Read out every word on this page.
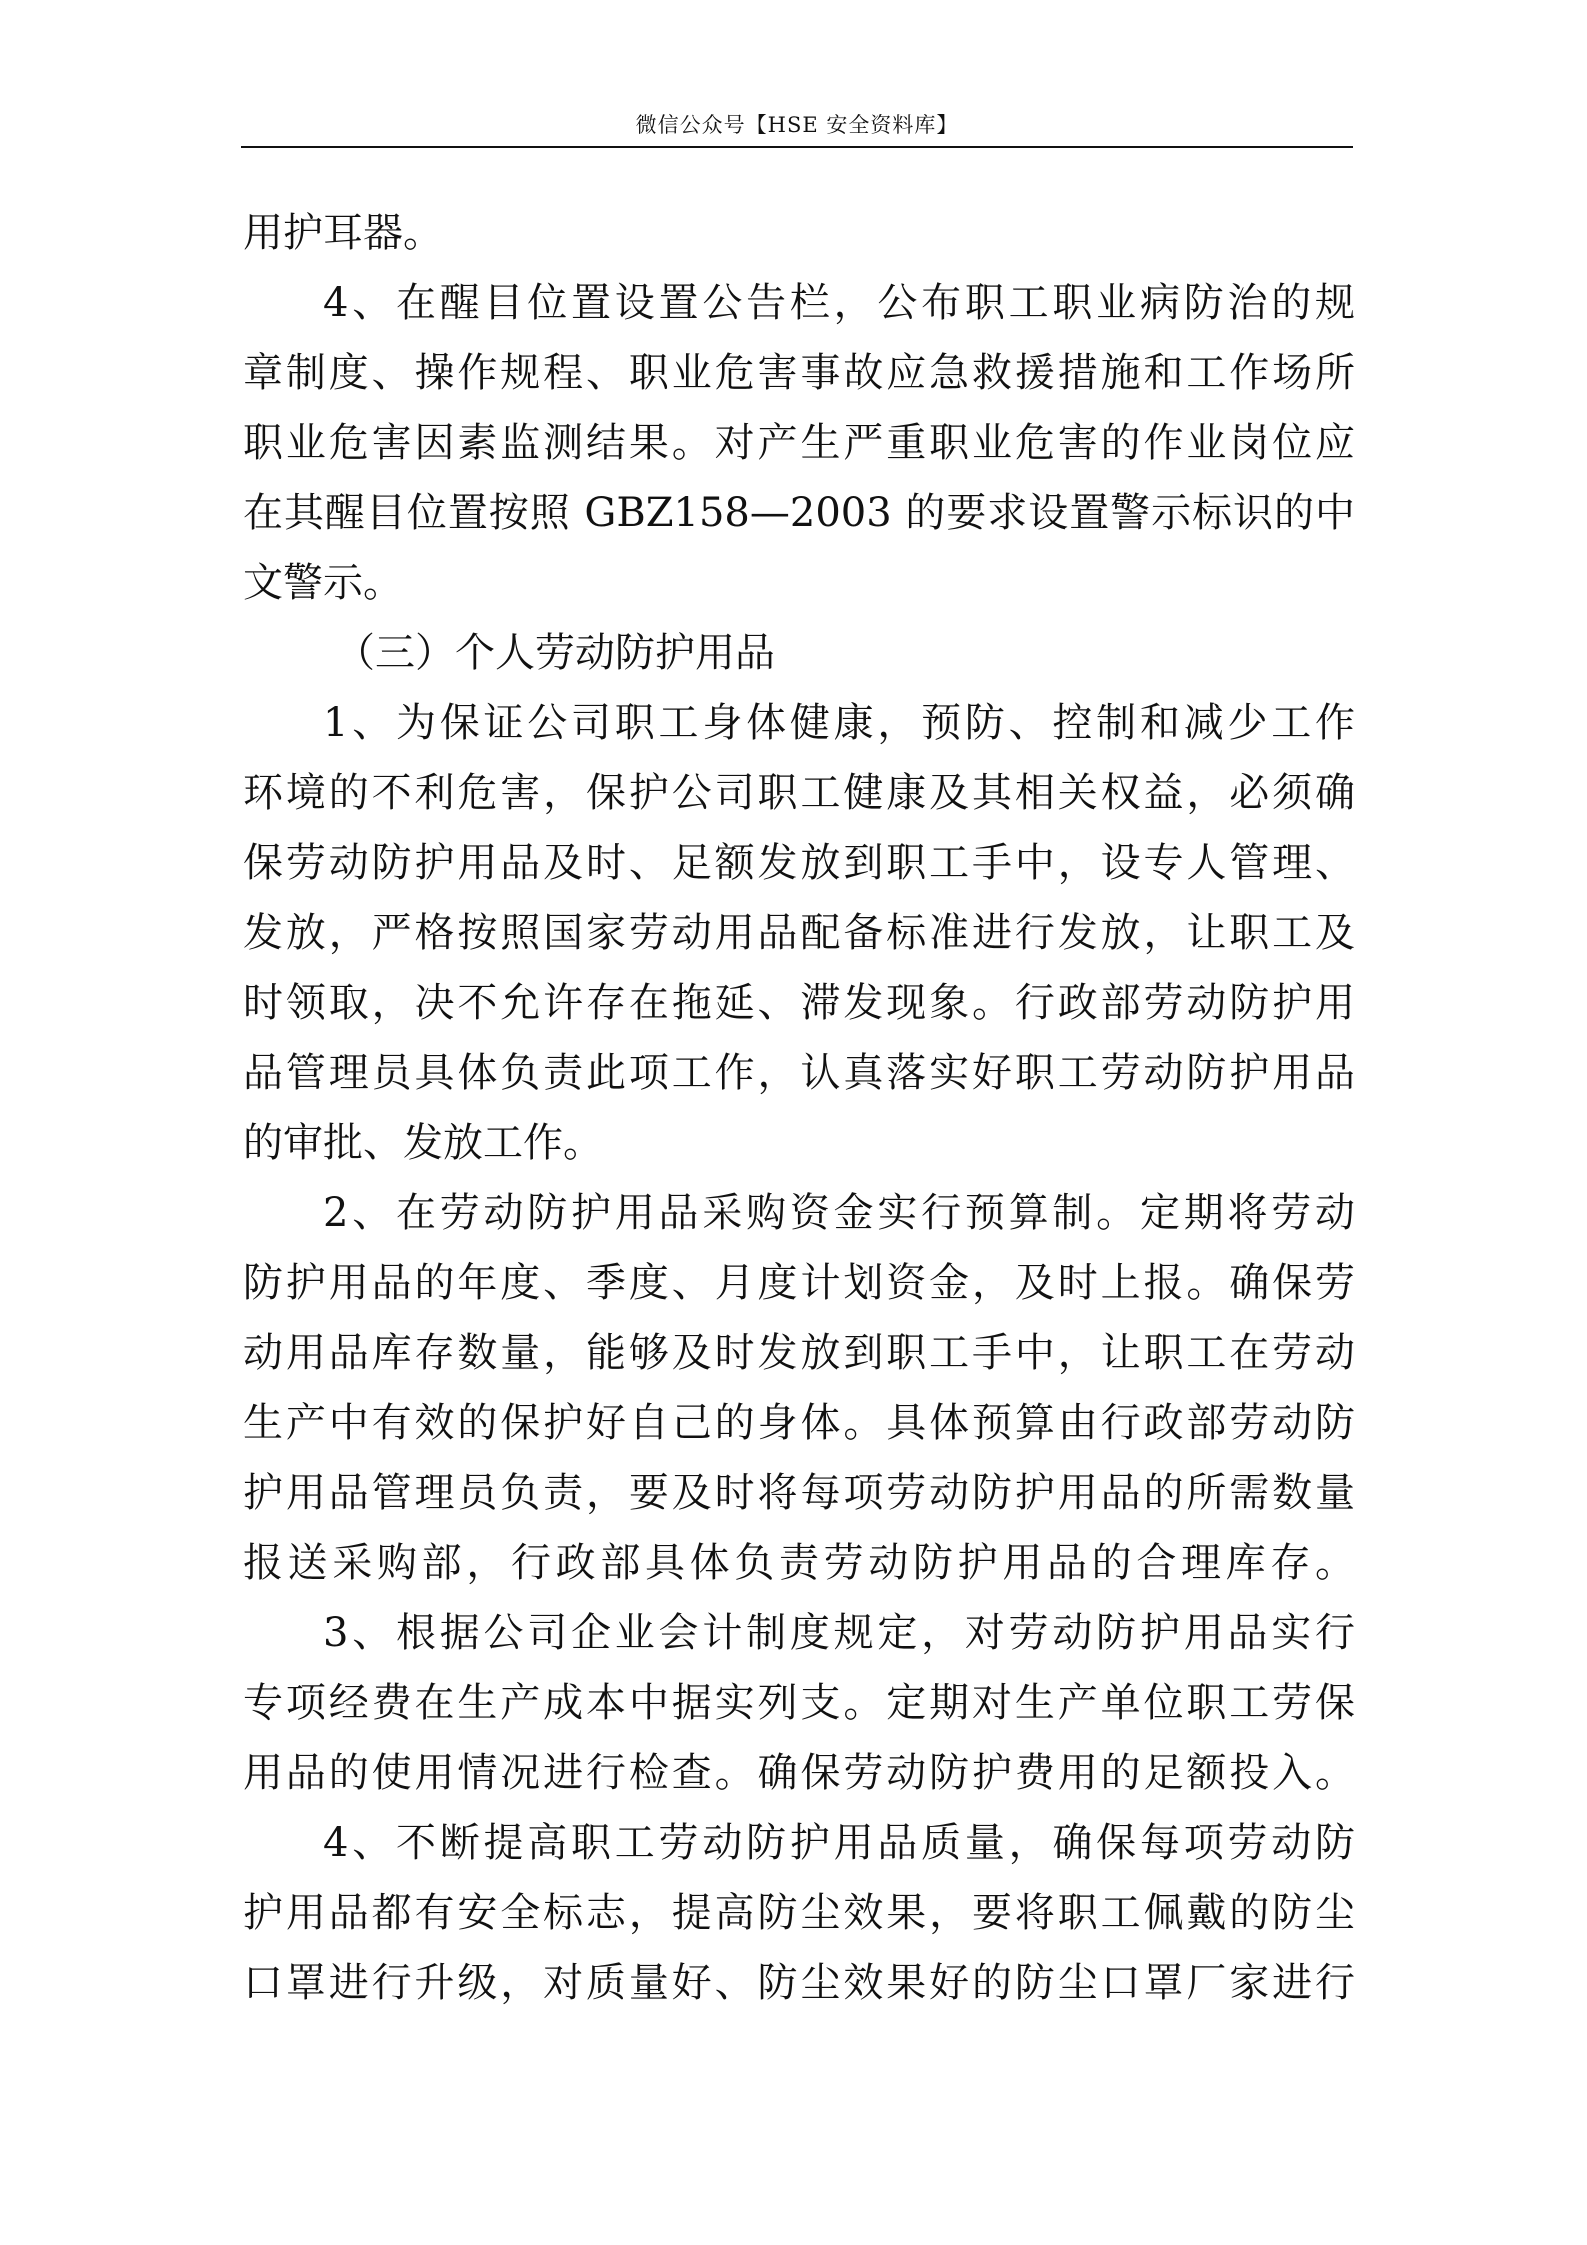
微信公众号【HSE 安全资料库】
用护耳器。
4、在醒目位置设置公告栏，公布职工职业病防治的规
章制度、操作规程、职业危害事故应急救援措施和工作场所
职业危害因素监测结果。对产生严重职业危害的作业岗位应
在其醒目位置按照 GBZ158—2003 的要求设置警示标识的中
文警示。
（三）个人劳动防护用品
1、为保证公司职工身体健康，预防、控制和减少工作
环境的不利危害，保护公司职工健康及其相关权益，必须确
保劳动防护用品及时、足额发放到职工手中，设专人管理、
发放，严格按照国家劳动用品配备标准进行发放，让职工及
时领取，决不允许存在拖延、滞发现象。行政部劳动防护用
品管理员具体负责此项工作，认真落实好职工劳动防护用品
的审批、发放工作。
2、在劳动防护用品采购资金实行预算制。定期将劳动
防护用品的年度、季度、月度计划资金，及时上报。确保劳
动用品库存数量，能够及时发放到职工手中，让职工在劳动
生产中有效的保护好自己的身体。具体预算由行政部劳动防
护用品管理员负责，要及时将每项劳动防护用品的所需数量
报送采购部，行政部具体负责劳动防护用品的合理库存。
3、根据公司企业会计制度规定，对劳动防护用品实行
专项经费在生产成本中据实列支。定期对生产单位职工劳保
用品的使用情况进行检查。确保劳动防护费用的足额投入。
4、不断提高职工劳动防护用品质量，确保每项劳动防
护用品都有安全标志，提高防尘效果，要将职工佩戴的防尘
口罩进行升级，对质量好、防尘效果好的防尘口罩厂家进行
